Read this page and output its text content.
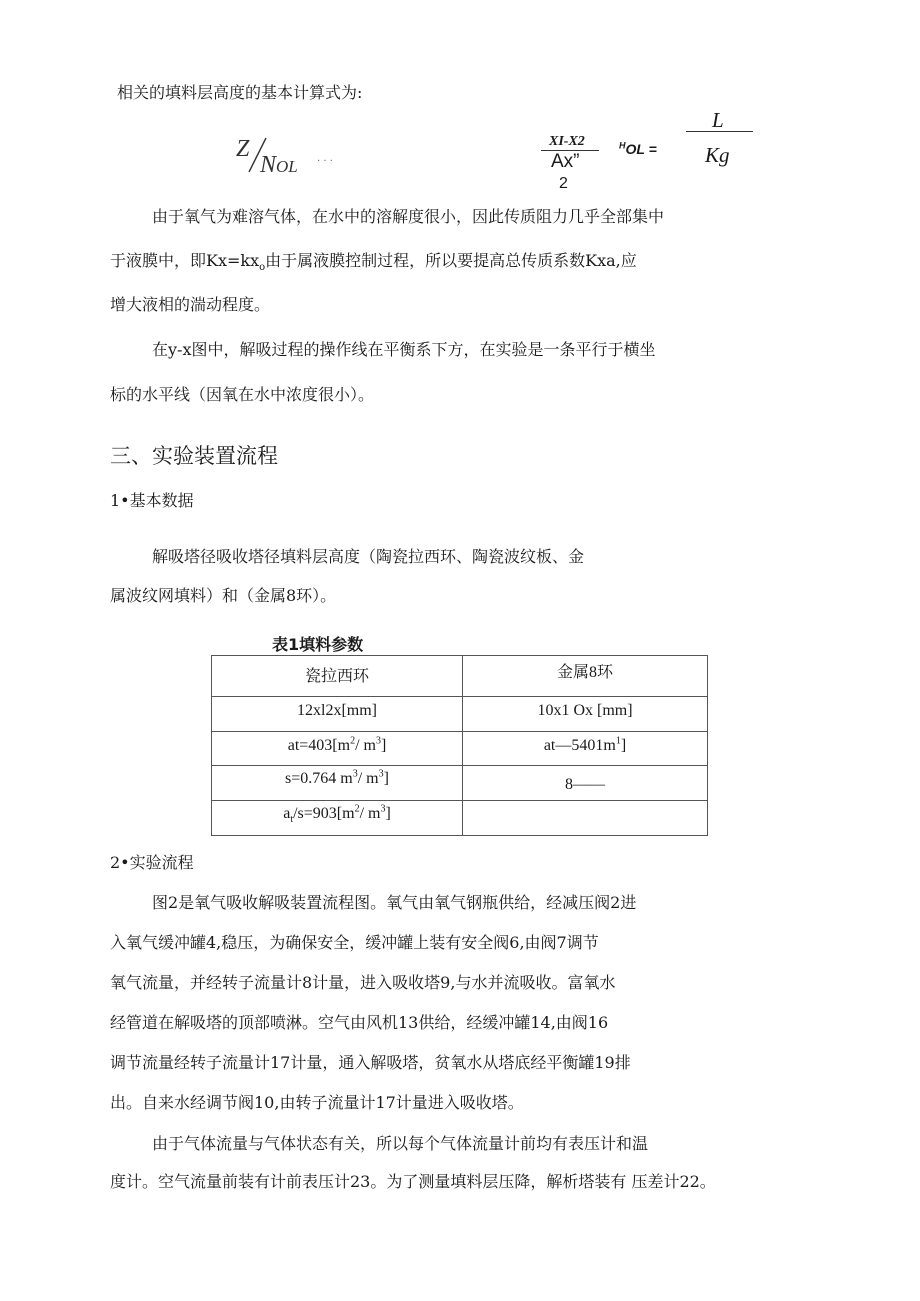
相关的填料层高度的基本计算式为:
Z
NOL · · ·
XI-X2
Ax”
2
$^H$OL =
L
Kg
由于氧气为难溶气体，在水中的溶解度很小，因此传质阻力几乎全部集中
于液膜中，即$Kx=kx_o$由于属液膜控制过程，所以要提高总传质系数Kxa,应
增大液相的湍动程度。
在y-x图中，解吸过程的操作线在平衡系下方，在实验是一条平行于横坐
标的水平线（因氧在水中浓度很小）。
三、实验装置流程
1•基本数据
解吸塔径吸收塔径填料层高度（陶瓷拉西环、陶瓷波纹板、金
属波纹网填料）和（金属8环）。
表1填料参数
瓷拉西环	金属8环
12xl2x[mm]	10x1 Ox [mm]
$at=403[m^2/$ $m^3$]	$at—5401m^1$]
s=0.764 $m^3/$ $m^3$]	8——
$a_t/s=903[m^2/$ $m^3$]	
2•实验流程
图2是氧气吸收解吸装置流程图。氧气由氧气钢瓶供给，经减压阀2进
入氧气缓冲罐4,稳压，为确保安全，缓冲罐上装有安全阀6,由阀7调节
氧气流量，并经转子流量计8计量，进入吸收塔9,与水并流吸收。富氧水
经管道在解吸塔的顶部喷淋。空气由风机13供给，经缓冲罐14,由阀16
调节流量经转子流量计17计量，通入解吸塔，贫氧水从塔底经平衡罐19排
出。自来水经调节阀10,由转子流量计17计量进入吸收塔。
由于气体流量与气体状态有关，所以每个气体流量计前均有表压计和温
度计。空气流量前装有计前表压计23。为了测量填料层压降，解析塔装有 压差计22。
